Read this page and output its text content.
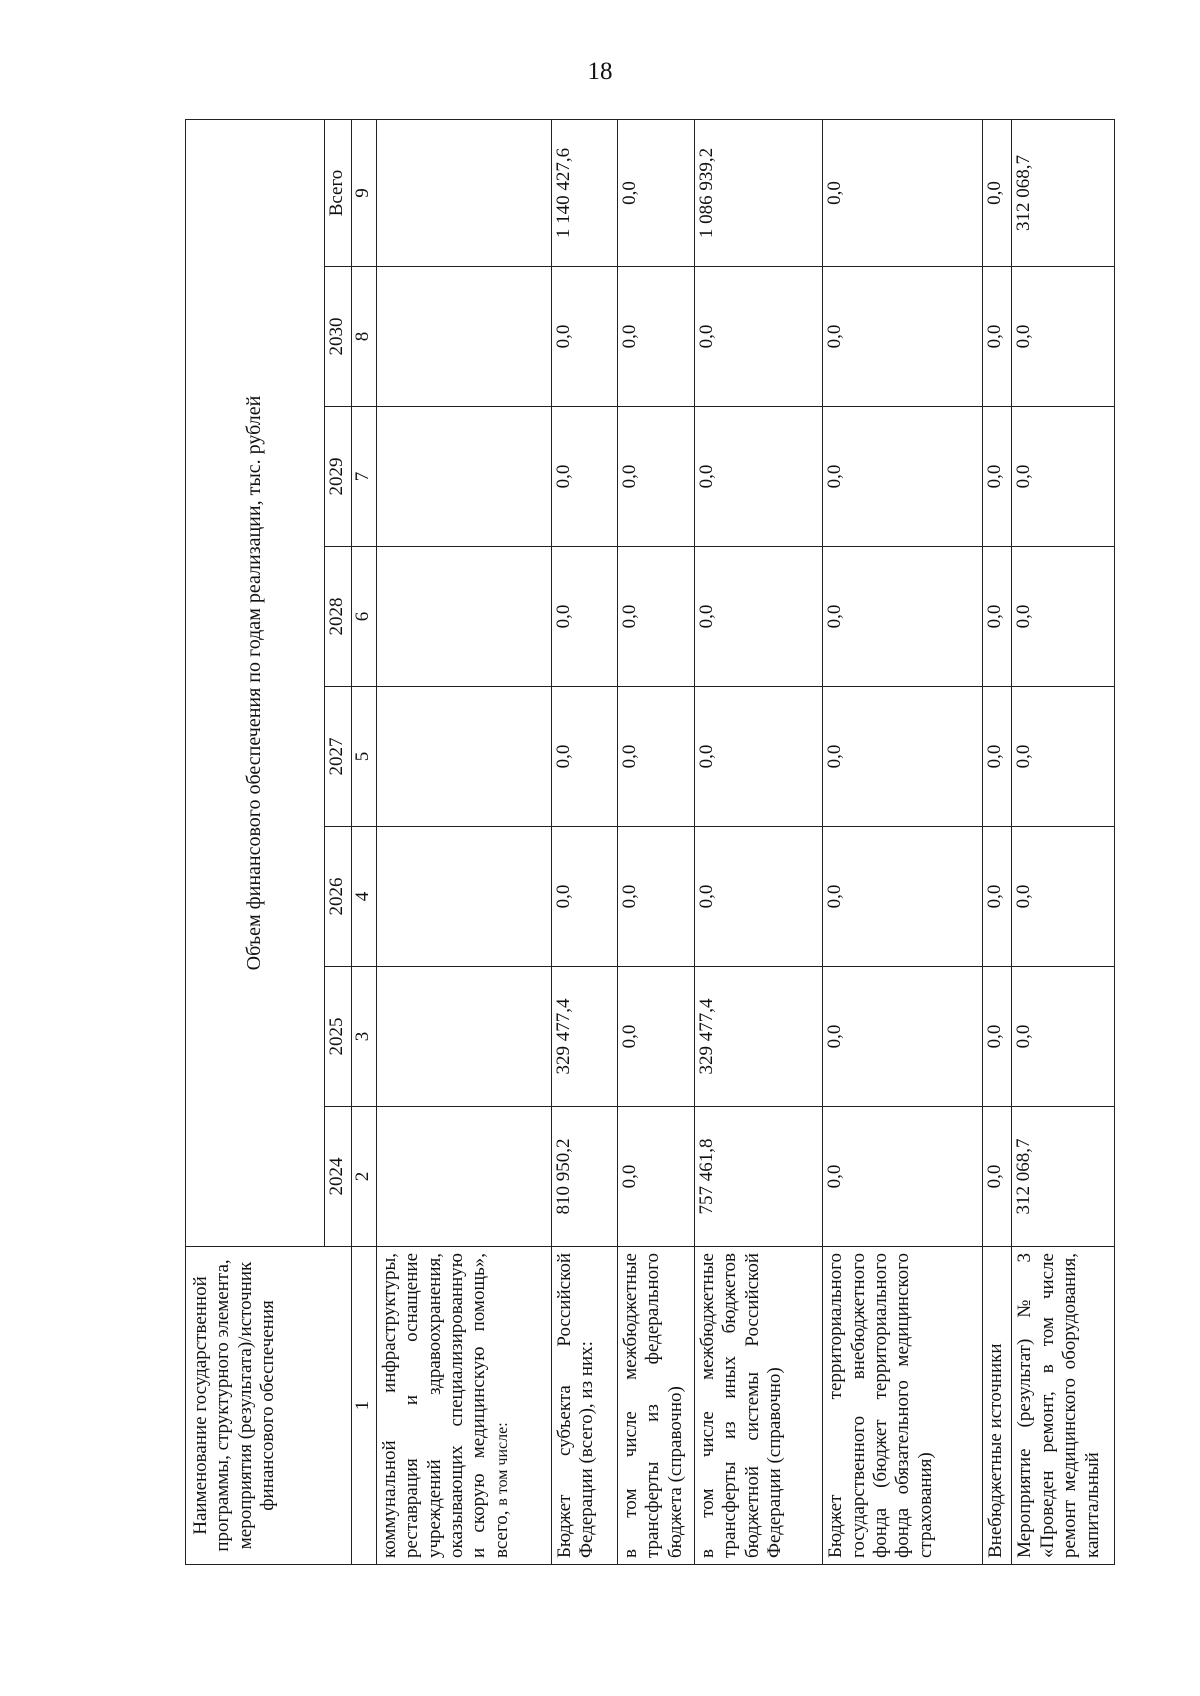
18
Наименование государственной программы, структурного элемента, мероприятия (результата)/источник финансового обеспечения	Объем финансового обеспечения по годам реализации, тыс. рублей							
	2024	2025	2026	2027	2028	2029	2030	Всего
1	2	3	4	5	6	7	8	9
коммунальной инфраструктуры, реставрация и оснащение учреждений здравоохранения, оказывающих специализированную и скорую медицинскую помощь», всего, в том числе:								
Бюджет субъекта Российской Федерации (всего), из них:	810 950,2	329 477,4	0,0	0,0	0,0	0,0	0,0	1 140 427,6
в том числе межбюджетные трансферты из федерального бюджета (справочно)	0,0	0,0	0,0	0,0	0,0	0,0	0,0	0,0
в том числе межбюджетные трансферты из иных бюджетов бюджетной системы Российской Федерации (справочно)	757 461,8	329 477,4	0,0	0,0	0,0	0,0	0,0	1 086 939,2
Бюджет территориального государственного внебюджетного фонда (бюджет территориального фонда обязательного медицинского страхования)	0,0	0,0	0,0	0,0	0,0	0,0	0,0	0,0
Внебюджетные источники	0,0	0,0	0,0	0,0	0,0	0,0	0,0	0,0
Мероприятие (результат) № 3 «Проведен ремонт, в том числе ремонт медицинского оборудования, капитальный	312 068,7	0,0	0,0	0,0	0,0	0,0	0,0	312 068,7
